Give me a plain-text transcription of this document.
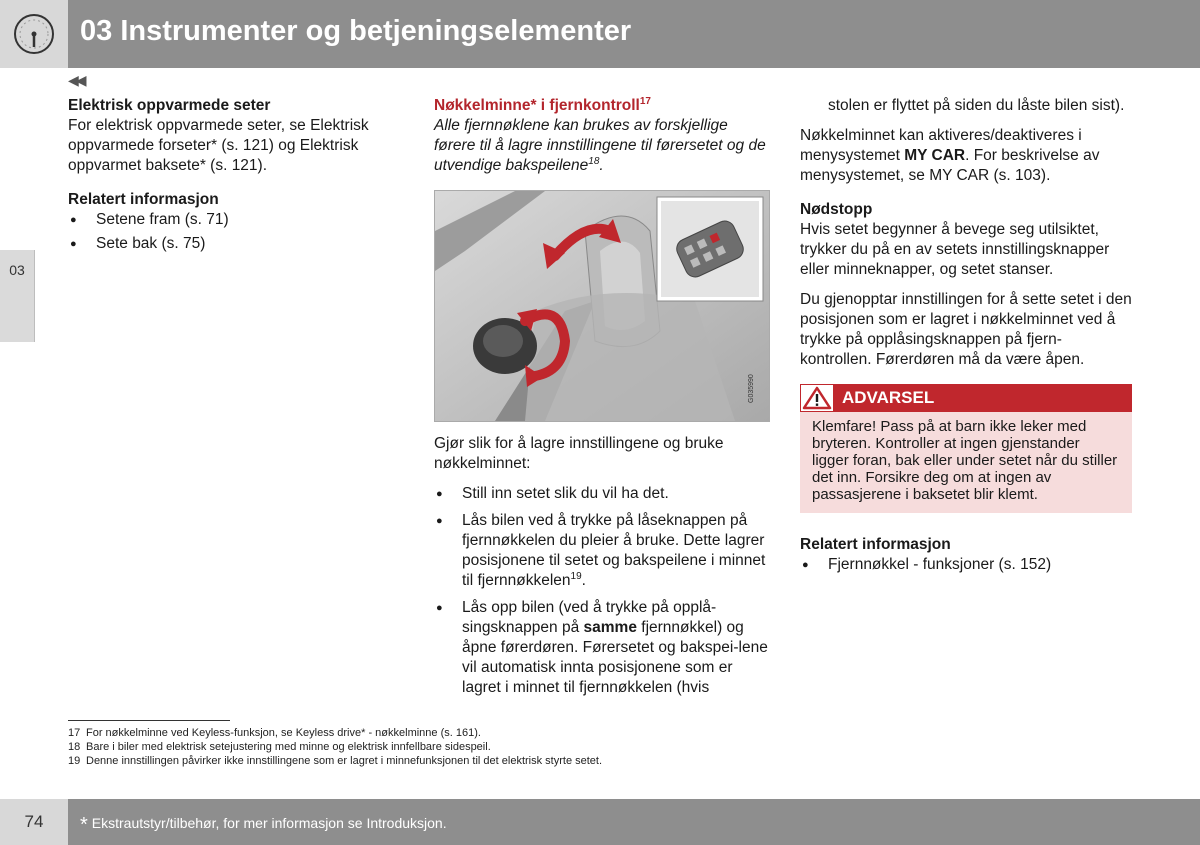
03 Instrumenter og betjeningselementer
◀◀
03
Elektrisk oppvarmede seter

For elektrisk oppvarmede seter, se Elektrisk oppvarmede forseter* (s. 121) og Elektrisk oppvarmet baksete* (s. 121).

Relatert informasjon
● Setene fram (s. 71)
● Sete bak (s. 75)
Nøkkelminne* i fjernkontroll$^{17}$

Alle fjernnøklene kan brukes av forskjellige førere til å lagre innstillingene til førersetet og de utvendige bakspeilene$^{18}$.

G035990

Gjør slik for å lagre innstillingene og bruke nøkkelminnet:

● Still inn setet slik du vil ha det.
● Lås bilen ved å trykke på låseknappen på fjernnøkkelen du pleier å bruke. Dette lagrer posisjonene til setet og bakspeilene i minnet til fjernnøkkelen$^{19}$.
● Lås opp bilen (ved å trykke på opplå-singsknappen på samme fjernnøkkel) og åpne førerdøren. Førersetet og bakspei-lene vil automatisk innta posisjonene som er lagret i minnet til fjernnøkkelen (hvis

stolen er flyttet på siden du låste bilen sist).

Nøkkelminnet kan aktiveres/deaktiveres i menysystemet MY CAR. For beskrivelse av menysystemet, se MY CAR (s. 103).

Nødstopp

Hvis setet begynner å bevege seg utilsiktet, trykker du på en av setets innstillingsknapper eller minneknapper, og setet stanser.

Du gjenopptar innstillingen for å sette setet i den posisjonen som er lagret i nøkkelminnet ved å trykke på opplåsingsknappen på fjern-kontrollen. Førerdøren må da være åpen.

ADVARSEL
Klemfare! Pass på at barn ikke leker med bryteren. Kontroller at ingen gjenstander ligger foran, bak eller under setet når du stiller det inn. Forsikre deg om at ingen av passasjerene i baksetet blir klemt.
Relatert informasjon
● Fjernnøkkel - funksjoner (s. 152)
17 For nøkkelminne ved Keyless-funksjon, se Keyless drive* - nøkkelminne (s. 161).
18 Bare i biler med elektrisk setejustering med minne og elektrisk innfellbare sidespeil.
19 Denne innstillingen påvirker ikke innstillingene som er lagret i minnefunksjonen til det elektrisk styrte setet.
74	* Ekstrautstyr/tilbehør, for mer informasjon se Introduksjon.
